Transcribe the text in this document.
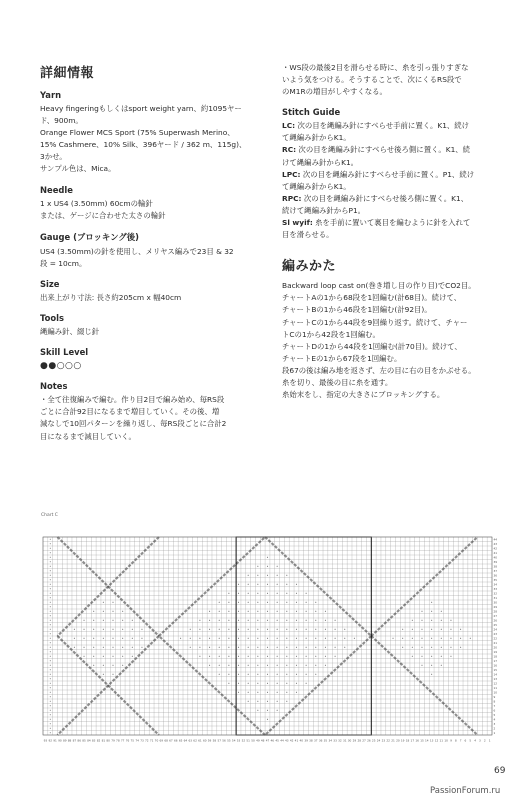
詳細情報
Yarn

Heavy fingeringもしくはsport weight yarn、約1095ヤー

ド、900m。

Orange Flower MCS Sport (75% Superwash Merino、

15% Cashmere、10% Silk、396ヤード / 362 m、115g)、

3かせ。

サンプル色は、Mica。

Needle

1 x US4 (3.50mm) 60cmの輪針

または、ゲージに合わせた太さの輪針

Gauge (ブロッキング後)

US4 (3.50mm)の針を使用し、メリヤス編みで23目 & 32

段 = 10cm。

Size

出来上がり寸法: 長さ約205cm x 幅40cm

Tools

縄編み針、綴じ針

Skill Level

●●○○○

Notes

・全て往復編みで編む。作り目2目で編み始め、毎RS段

ごとに合計92目になるまで増目していく。その後、増

減なしで10回パターンを繰り返し、毎RS段ごとに合計2

目になるまで減目していく。

・WS段の最後2目を滑らせる時に、糸を引っ張りすぎな

いよう気をつける。そうすることで、次にくるRS段で

のM1Rの増目がしやすくなる。

Stitch Guide

LC: 次の目を縄編み針にすべらせ手前に置く。K1、続け

て縄編み針からK1。

RC: 次の目を縄編み針にすべらせ後ろ側に置く。K1、続

けて縄編み針からK1。

LPC: 次の目を縄編み針にすべらせ手前に置く。P1、続け

て縄編み針からK1。

RPC: 次の目を縄編み針にすべらせ後ろ側に置く。K1、

続けて縄編み針からP1。

Sl wyif: 糸を手前に置いて裏目を編むように針を入れて

目を滑らせる。

編みかた

Backward loop cast on(巻き増し目の作り目)でCO2目。

チャートAの1から68段を1回編む(計68目)。続けて、

チャートBの1から46段を1回編む(計92目)。

チャートCの1から44段を9回繰り返す。続けて、チャー

トCの1から42段を1回編む。

チャートDの1から44段を1回編む(計70目)。続けて、

チャートEの1から67段を1回編む。

段67の後は編み地を返さず、左の目に右の目をかぶせる。

糸を切り、最後の目に糸を通す。

糸始末をし、指定の大きさにブロッキングする。

Chart C
93 92 91 90 89 88 87 86 85 84 83 82 81 80 79 78 77 76 75 74 73 72 71 70 69 68 67 66 65 64 63 62 61 60 59 58 57 56 55 54 53 52 51 50 49 48 47 46 45 44 43 42 41 40 39 38 37 36 35 34 33 32 31 30 29 28 27 26 25 24 23 22 21 20 19 18 17 16 15 14 13 12 11 10 9 8 7 6 5 4 3 2 1
44
43
42
41
40
39
38
37
36
35
34
33
32
31
30
29
28
27
26
25
24
23
22
21
20
19
18
17
16
15
14
13
12
11
10
9
8
7
6
5
4
3
2
1
69
PassionForum.ru
